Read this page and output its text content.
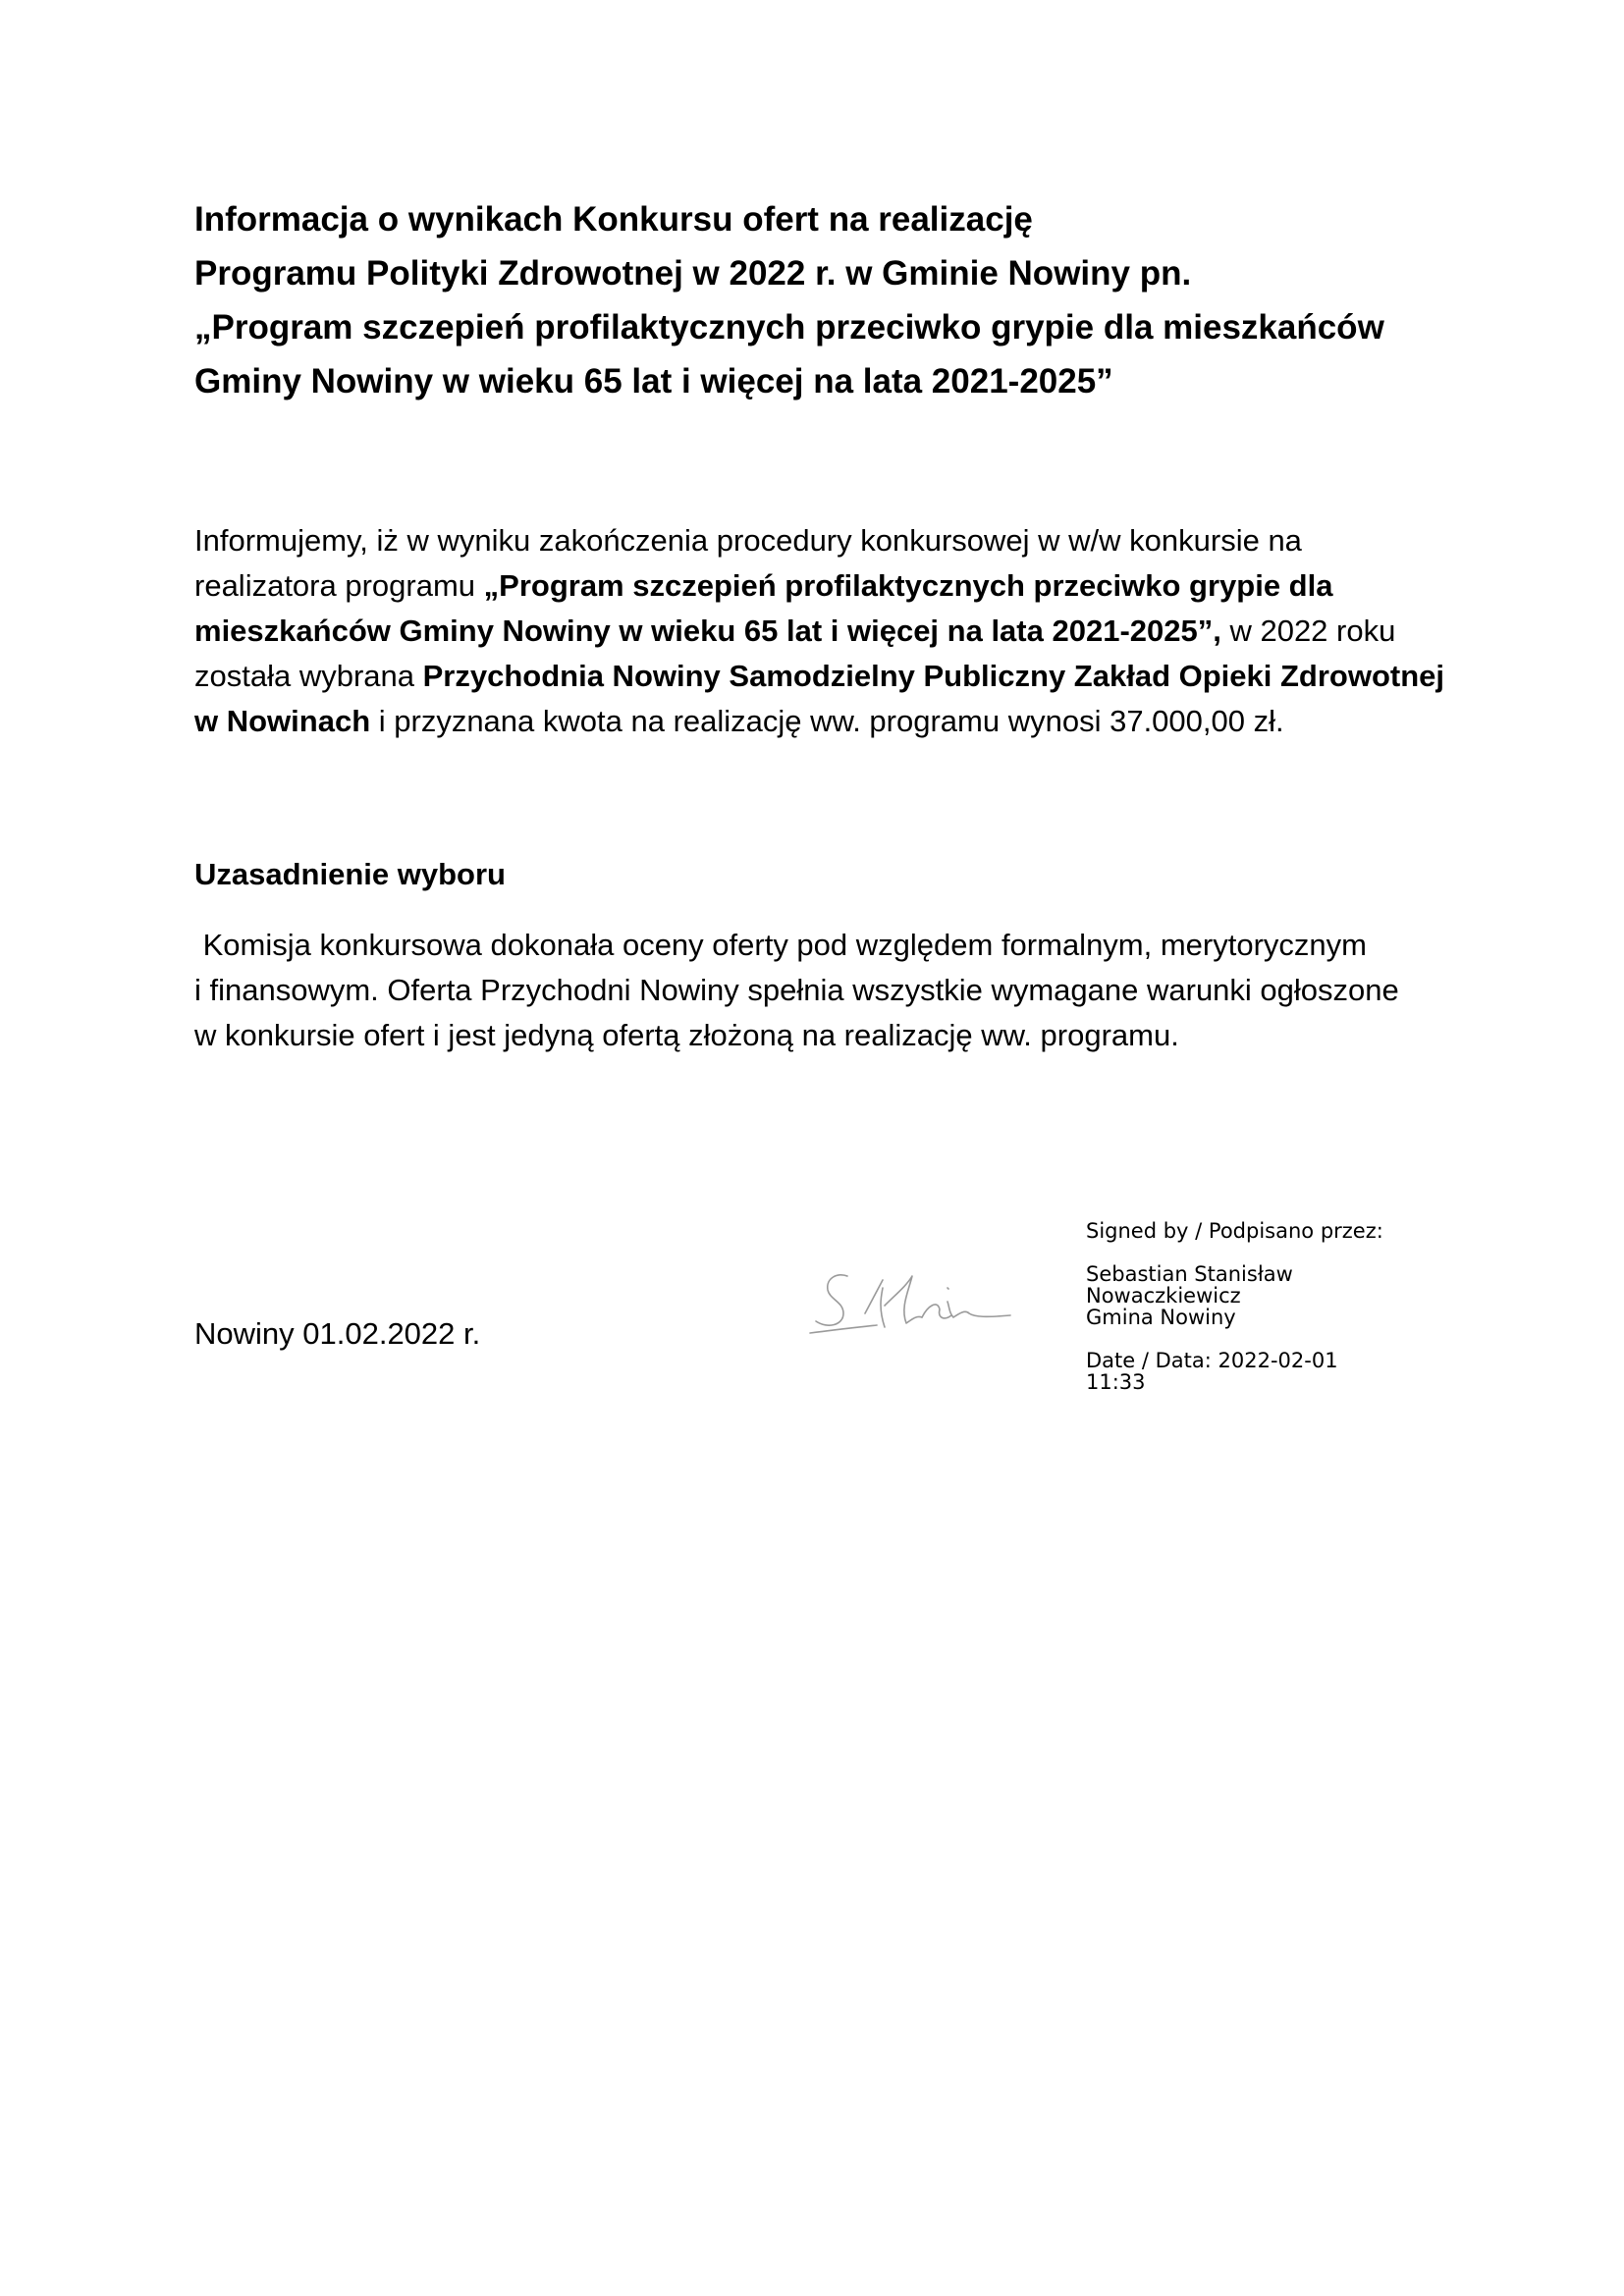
Informacja o wynikach Konkursu ofert na realizację
Programu Polityki Zdrowotnej w 2022 r. w Gminie Nowiny pn.
„Program szczepień profilaktycznych przeciwko grypie dla mieszkańców
Gminy Nowiny w wieku 65 lat i więcej na lata 2021-2025”

Informujemy, iż w wyniku zakończenia procedury konkursowej w w/w konkursie na
realizatora programu „Program szczepień profilaktycznych przeciwko grypie dla
mieszkańców Gminy Nowiny w wieku 65 lat i więcej na lata 2021-2025”, w 2022 roku
została wybrana Przychodnia Nowiny Samodzielny Publiczny Zakład Opieki Zdrowotnej
w Nowinach i przyznana kwota na realizację ww. programu wynosi 37.000,00 zł.

Uzasadnienie wyboru

Komisja konkursowa dokonała oceny oferty pod względem formalnym, merytorycznym
i finansowym. Oferta Przychodni Nowiny spełnia wszystkie wymagane warunki ogłoszone
w konkursie ofert i jest jedyną ofertą złożoną na realizację ww. programu.

Nowiny 01.02.2022 r.

Signed by / Podpisano przez:
Sebastian Stanisław
Nowaczkiewicz
Gmina Nowiny
Date / Data: 2022-02-01
11:33
